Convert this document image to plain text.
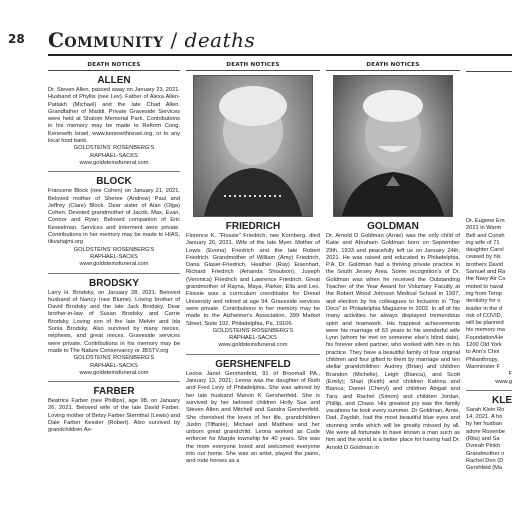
28 Community / deaths
DEATH NOTICES
ALLEN
Dr. Steven Allen, passed away on January 23, 2021. Husband of Phyllis (nee Lev). Father of Alexa Allen-Patlakh (Michael) and the late Chad Allen. Grandfather of Maddi. Private Graveside Services were held at Shalom Memorial Park. Contributions in his memory may be made to Reform Cong. Keneseth Israel, www.kenesethisrael.org, or to any local food bank.
GOLDSTEINS' ROSENBERG'S
RAPHAEL-SACKS
www.goldsteinsfuneral.com
BLOCK
Francene Block (nee Cohen) on January 21, 2021. Beloved mother of Sheree (Andrew) Paul and Jeffrey (Clare) Block. Dear sister of Alan (Olga) Cohen; Devoted grandmother of Jacob, Max, Evan, Connor and Ryan; Beloved companion of Eric Kesselman. Services and interment were private. Contributions in her memory may be made to HIAS, tikvahajmi.org
GOLDSTEINS' ROSENBERG'S
RAPHAEL-SACKS
www.goldsteinsfuneral.com
BRODSKY
Larry H. Brodsky, on January 28, 2021. Beloved husband of Nancy (nee Blume). Loving brother of David Brodsky and the late Jack Brodsky. Dear brother-in-law of Susan Brodsky and Carrie Brodsky. Loving son of the late Melvin and Ida Sonia Brodsky. Also survived by many nieces, nephews, and great nieces. Graveside services were private. Contributions in his memory may be made to The Nature Conservancy or JBSTV.org
GOLDSTEINS' ROSENBERG'S
RAPHAEL-SACKS
www.goldsteinsfuneral.com
FARBER
Beatrice Farber (nee Phillips), age 98, on January 26, 2021. Beloved wife of the late David Farber. Loving mother of Betsy Farber Sternthal (Lewis) and Dale Farber Kessler (Robert). Also survived by grandchildren An-
DEATH NOTICES
FRIEDRICH
Florence K. "Flossie" Friedrich, nee Kornberg, died January 26, 2021. Wife of the late Myer. Mother of Lewis (Evona) Friedrich and the late Robert Friedrich. Grandmother of William (Amy) Friedrich, Dana Glaser-Friedrich, Heather (Ray) Eisenhart, Richard Friedrich (Amanda Shoulson), Joseph (Veronica) Friedrich and Lawrence Friedrich. Great grandmother of Rayna, Maya, Parker, Ella and Leo. Flossie was a curriculum coordinator for Drexel University and retired at age 94. Graveside services were private. Contributions in her memory may be made to the Alzheimer's Association, 399 Market Street, Suite 102, Philadelphia, Pa. 19106.
GOLDSTEINS' ROSENBERG'S
RAPHAEL-SACKS
www.goldsteinsfuneral.com
GERSHENFELD
Leona Janet Gershenfeld, 91 of Broomall PA., January 13, 2021; Leona was the daughter of Ruth and Fred Levy of Philadelphia. She was adored by her late husband Marvin K Gershenfeld. She is survived by her beloved children Holly Sue and Steven Alten and Mitchell and Sandra Gershenfeld. She cherished the loves of her life, grandchildren Justin (Tiffanie), Michael and Matthew and her unborn great grandchild. Leona worked as Code enforcer for Marple township for 40 years. She was the mom everyone loved and welcomed everyone into our home. She was an artist, played the piano, and rode horses as a
DEATH NOTICES
GOLDMAN
Dr. Arnold D Goldman (Arnie) was the only child of Katie and Abraham Goldman born on September 29th, 1933 and peacefully left us on January 24th, 2021. He was raised and educated in Philadelphia, P.A. Dr. Goldman had a thriving private practice in the South Jersey Area. Some recognition's of Dr. Goldman was when he received the Outstanding Teacher of the Year Award for Voluntary Faculty at the Robert Wood Johnson Medical School in 1997, and election by his colleagues to Inclusion in "Top Docs" in Philadelphia Magazine in 2002. In all of his many activities he always displayed tremendous spirit and teamwork. His happiest achievements were his marriage of 63 years to his wonderful wife Lynn (whom he met on someone else's blind date), his forever silent partner, who worked with him in his practice. They have a beautiful family of four original children and four gifted to them by marriage and ten stellar grandchildren: Audrey (Brian) and children Brandon (Michelle), Leigh (Bianca), and Scott (Emily); Shari (Keith) and children Katrina and Bianca; Daniel (Cheryl) and children Abigail and Tara; and Rachel (Simon) and children Jordan, Phillip, and Chase. His greatest joy was the family vacations he took every summer. Dr Goldman, Arnie, Dad, Zaydah, had the most beautiful blue eyes and stunning smile which will be greatly missed by all. We were all fortunate to have known a man such as him and the world is a better place for having had Dr. Arnold D Goldman in
Dr. Eugene Em
2021 in Warm
Bell and Consh
ing wife of 71
daughter Carol
ceased by his
brothers David
Samuel and Ra
the Navy Air Co
moted to naval
ing from Temp
dentistry for o
leader in the d
risk of COVID,
will be planned
his memory ma
Foundation/He
1200 Old York
to Ann's Choi
Philanthropy,
Warminster F
F
www.g
KLE
Sarah Klein Ro
14, 2021. A ho
by her husban
adore Rosenbe
(Rita) and Sa
Dvorah Pinkh
Grandmother o
Rachel Don (D
Gershfeld (Ma
